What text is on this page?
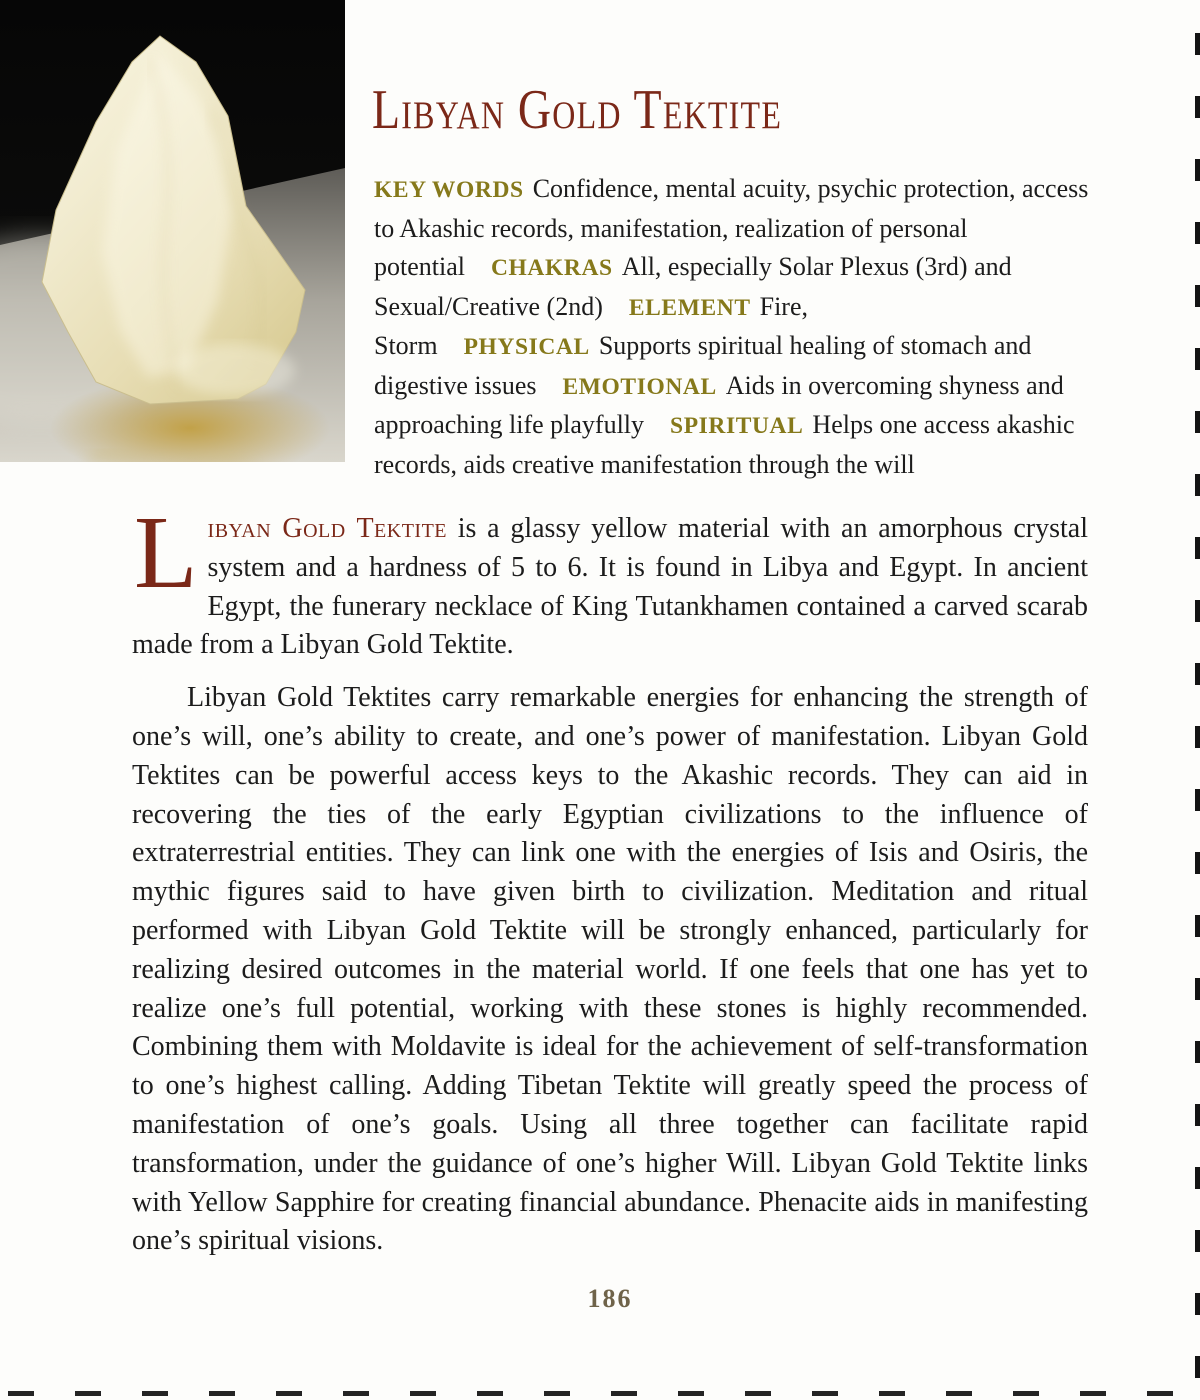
Libyan Gold Tektite

KEY WORDS Confidence, mental acuity, psychic protection, access to Akashic records, manifestation, realization of personal potential CHAKRAS All, especially Solar Plexus (3rd) and Sexual/Creative (2nd) ELEMENT Fire, Storm PHYSICAL Supports spiritual healing of stomach and digestive issues EMOTIONAL Aids in overcoming shyness and approaching life playfully SPIRITUAL Helps one access akashic records, aids creative manifestation through the will

Libyan Gold Tektite is a glassy yellow material with an amorphous crystal system and a hardness of 5 to 6. It is found in Libya and Egypt. In ancient Egypt, the funerary necklace of King Tutankhamen contained a carved scarab made from a Libyan Gold Tektite.

Libyan Gold Tektites carry remarkable energies for enhancing the strength of one’s will, one’s ability to create, and one’s power of manifestation. Libyan Gold Tektites can be powerful access keys to the Akashic records. They can aid in recovering the ties of the early Egyptian civilizations to the influence of extraterrestrial entities. They can link one with the energies of Isis and Osiris, the mythic figures said to have given birth to civilization. Meditation and ritual performed with Libyan Gold Tektite will be strongly enhanced, particularly for realizing desired outcomes in the material world. If one feels that one has yet to realize one’s full potential, working with these stones is highly recommended. Combining them with Moldavite is ideal for the achievement of self-transformation to one’s highest calling. Adding Tibetan Tektite will greatly speed the process of manifestation of one’s goals. Using all three together can facilitate rapid transformation, under the guidance of one’s higher Will. Libyan Gold Tektite links with Yellow Sapphire for creating financial abundance. Phenacite aids in manifesting one’s spiritual visions.

186
